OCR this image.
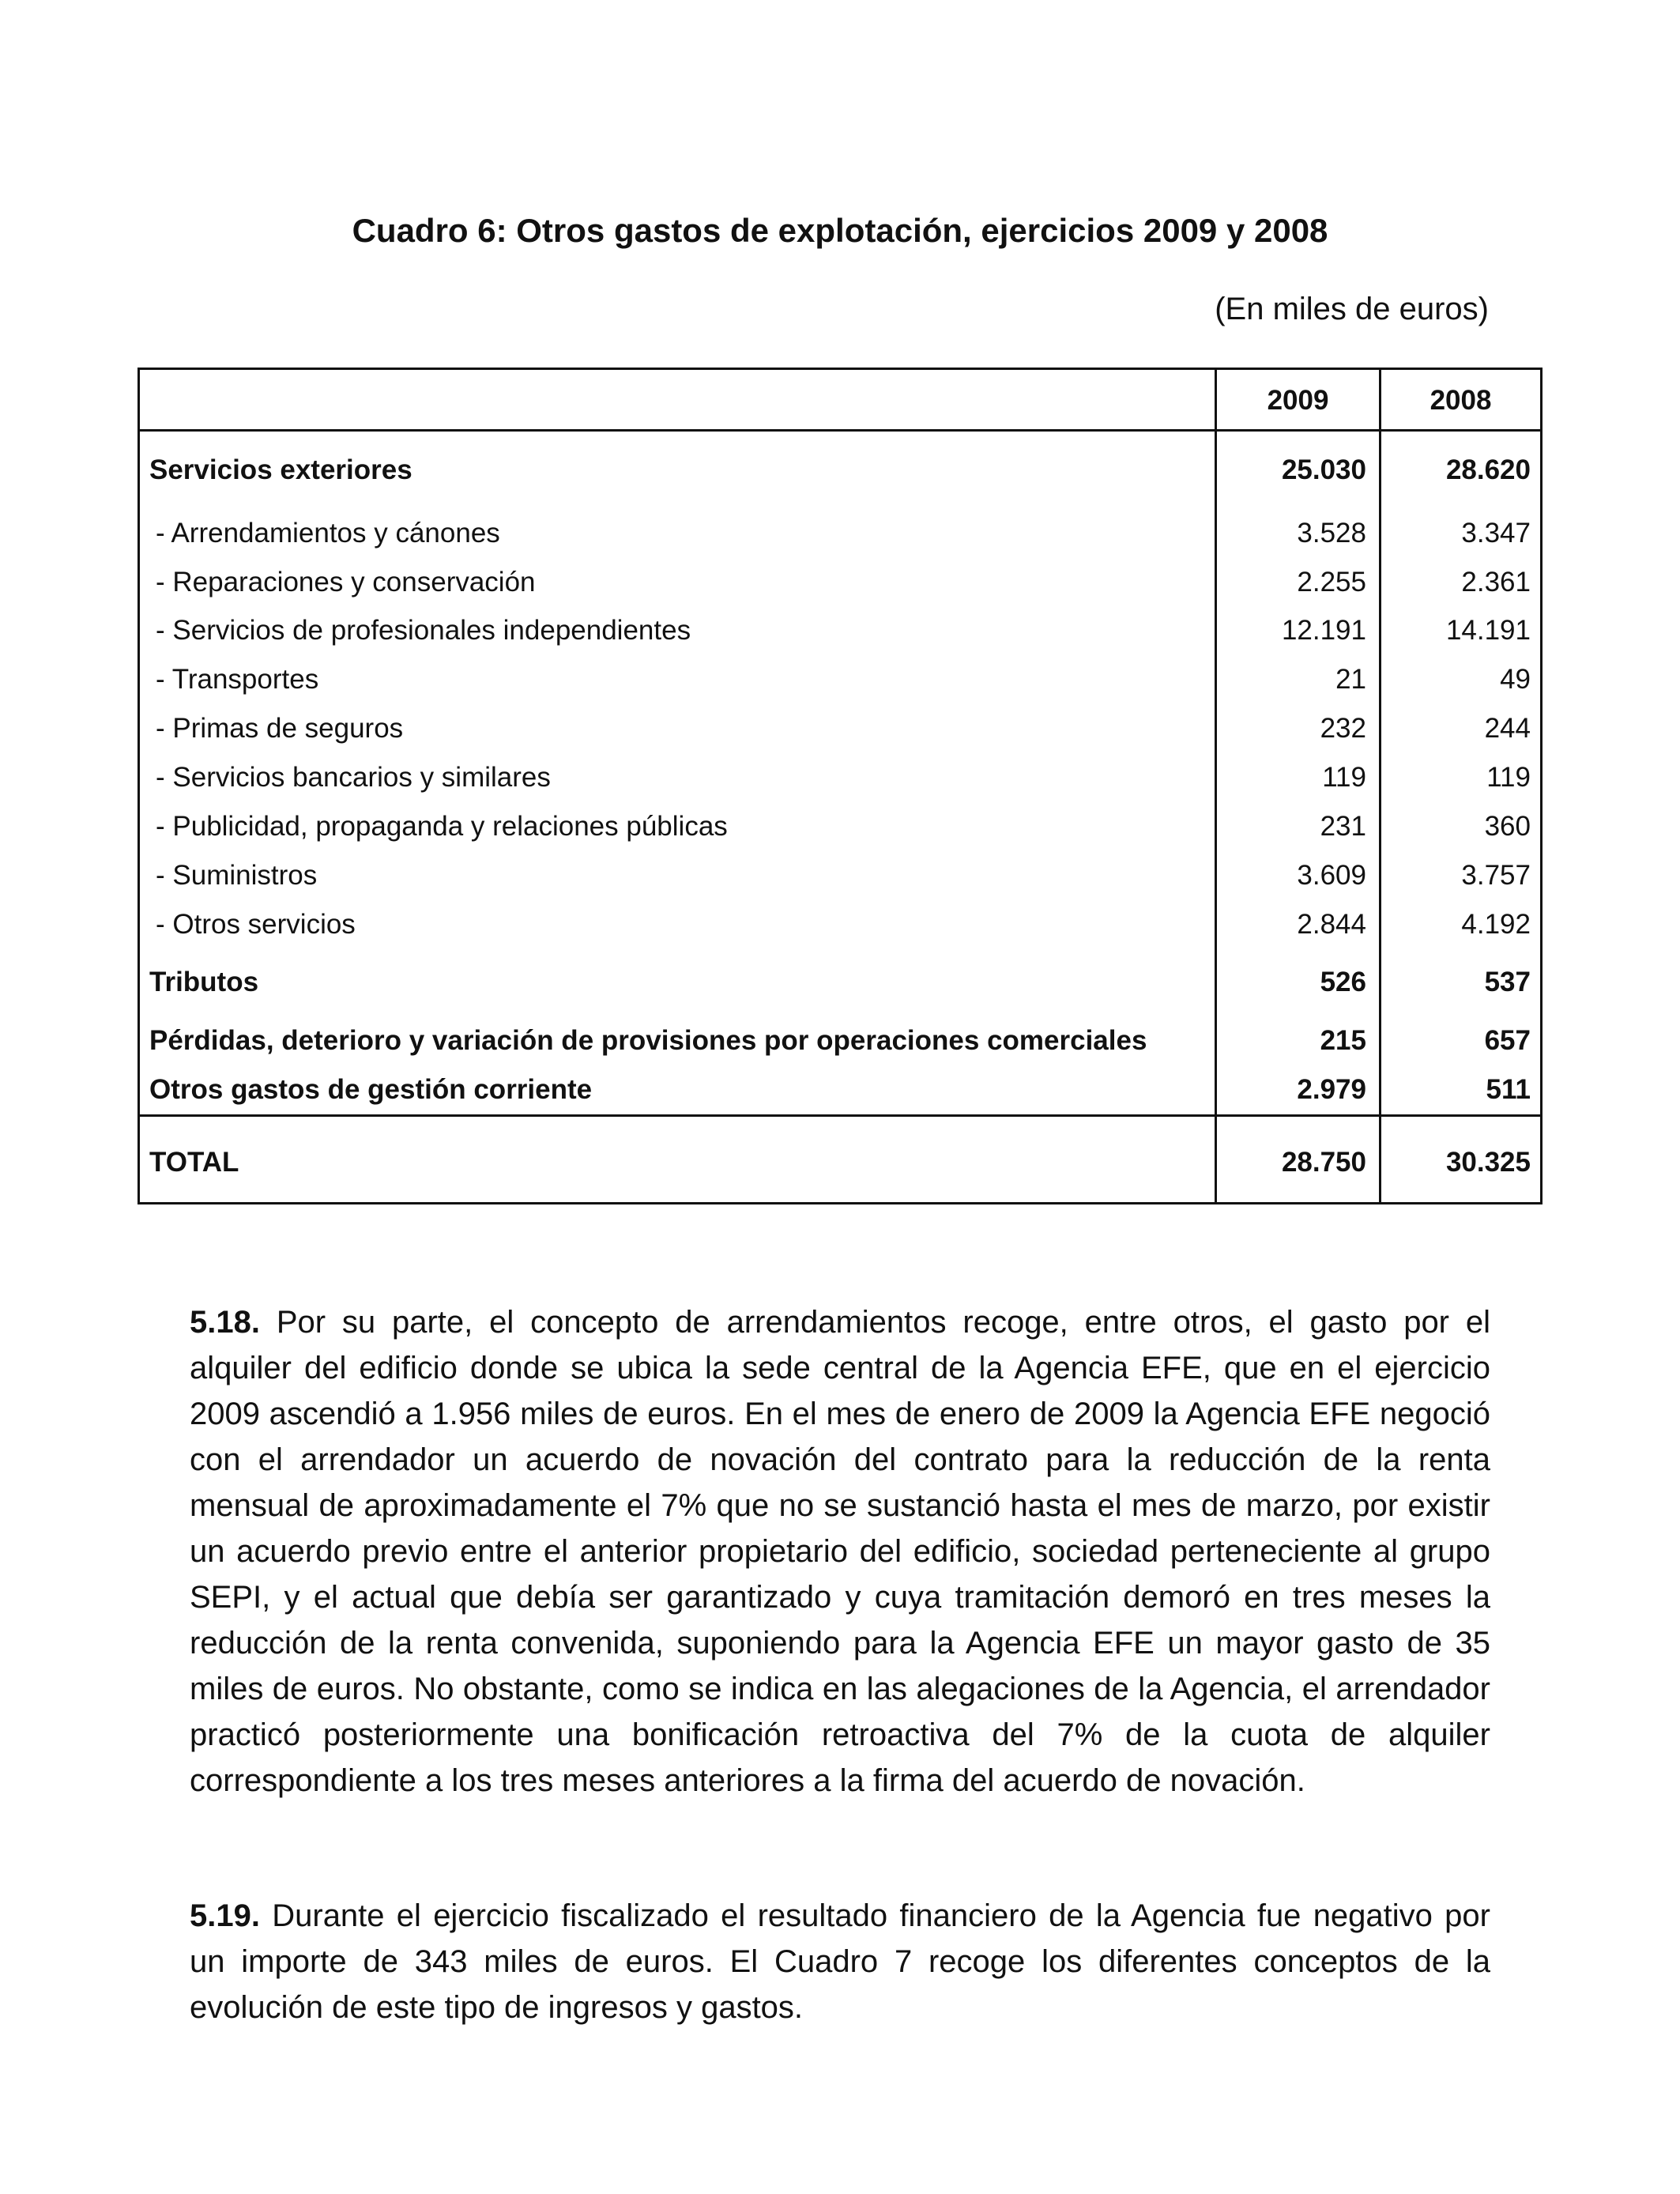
Cuadro 6: Otros gastos de explotación, ejercicios 2009 y 2008
(En miles de euros)
2009	2008
Servicios exteriores	25.030	28.620
- Arrendamientos y cánones	3.528	3.347
- Reparaciones y conservación	2.255	2.361
- Servicios de profesionales independientes	12.191	14.191
- Transportes	21	49
- Primas de seguros	232	244
- Servicios bancarios y similares	119	119
- Publicidad, propaganda y relaciones públicas	231	360
- Suministros	3.609	3.757
- Otros servicios	2.844	4.192
Tributos	526	537
Pérdidas, deterioro y variación de provisiones por operaciones comerciales	215	657
Otros gastos de gestión corriente	2.979	511
TOTAL	28.750	30.325
5.18. Por su parte, el concepto de arrendamientos recoge, entre otros, el gasto por el alquiler del edificio donde se ubica la sede central de la Agencia EFE, que en el ejercicio 2009 ascendió a 1.956 miles de euros. En el mes de enero de 2009 la Agencia EFE negoció con el arrendador un acuerdo de novación del contrato para la reducción de la renta mensual de aproximadamente el 7% que no se sustanció hasta el mes de marzo, por existir un acuerdo previo entre el anterior propietario del edificio, sociedad perteneciente al grupo SEPI, y el actual que debía ser garantizado y cuya tramitación demoró en tres meses la reducción de la renta convenida, suponiendo para la Agencia EFE un mayor gasto de 35 miles de euros. No obstante, como se indica en las alegaciones de la Agencia, el arrendador practicó posteriormente una bonificación retroactiva del 7% de la cuota de alquiler correspondiente a los tres meses anteriores a la firma del acuerdo de novación.
5.19. Durante el ejercicio fiscalizado el resultado financiero de la Agencia fue negativo por un importe de 343 miles de euros. El Cuadro 7 recoge los diferentes conceptos de la evolución de este tipo de ingresos y gastos.
